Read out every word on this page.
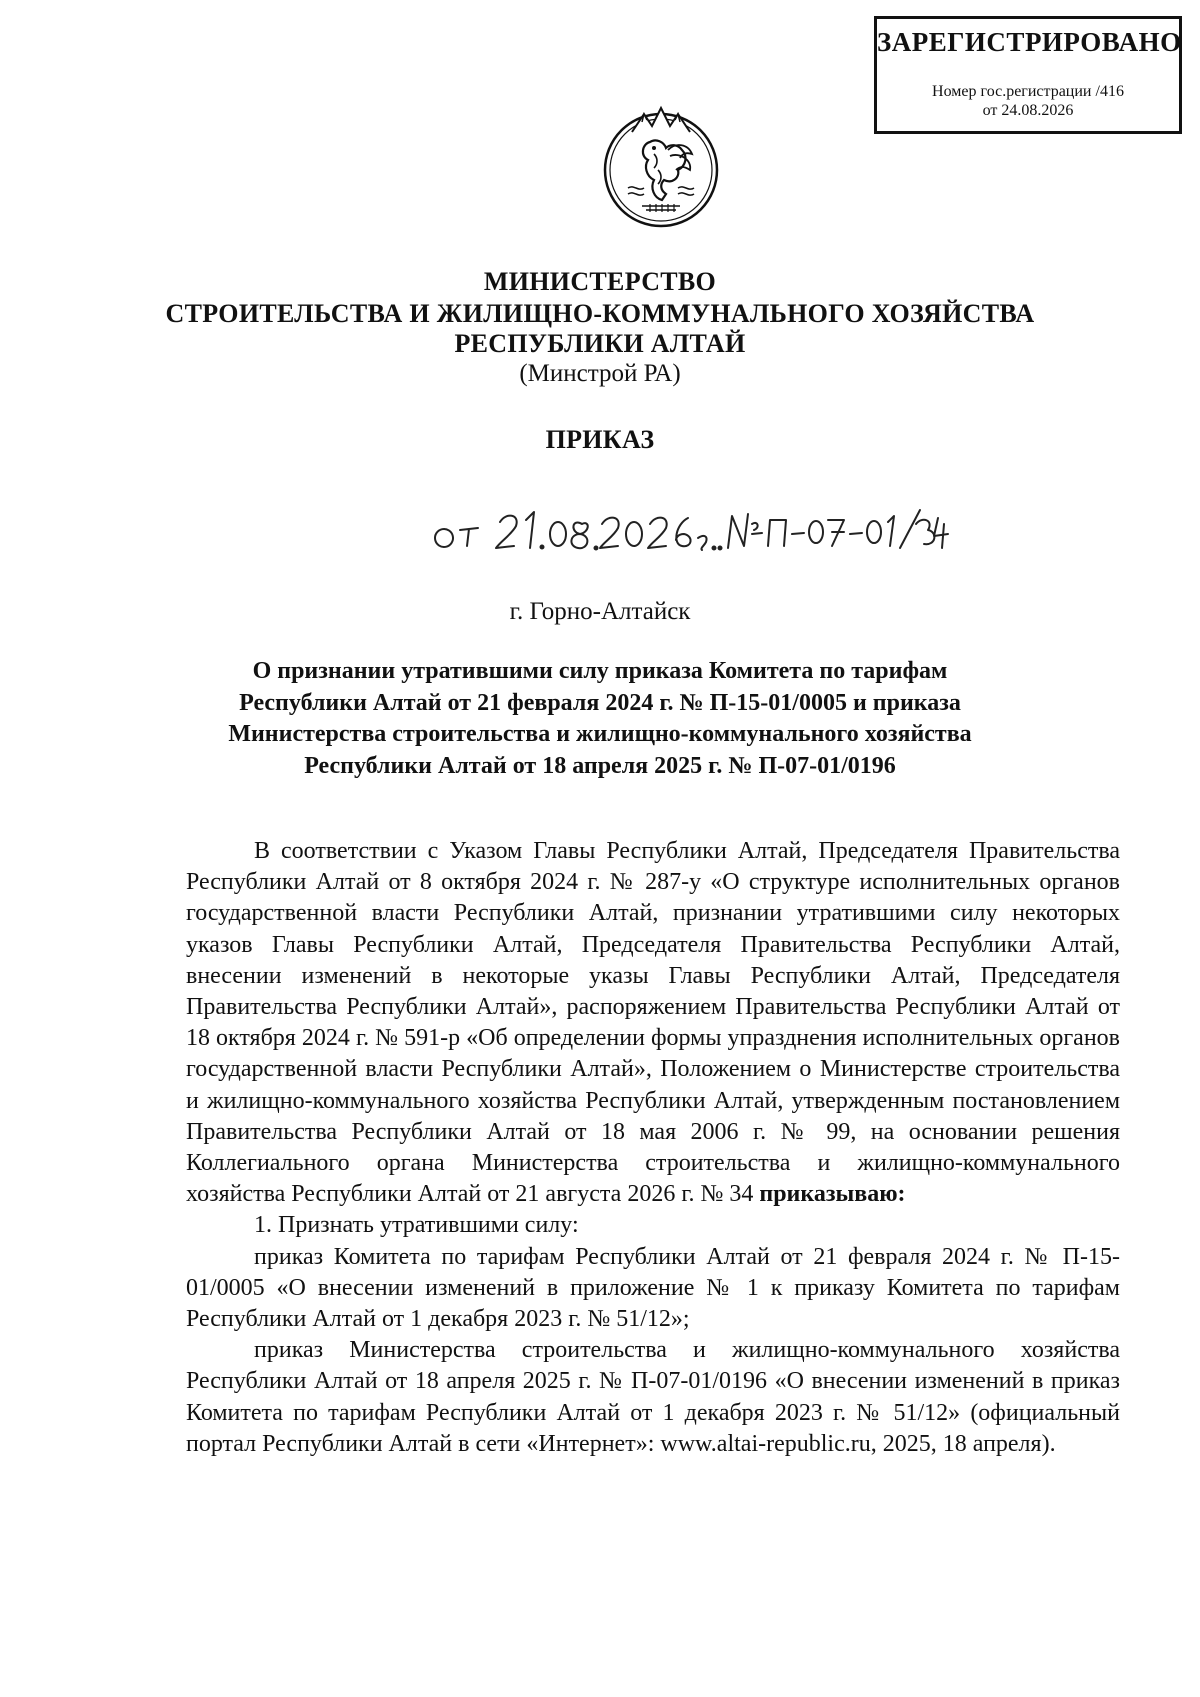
ЗАРЕГИСТРИРОВАНО
Номер гос.регистрации /416
от 24.08.2026
МИНИСТЕРСТВО
СТРОИТЕЛЬСТВА И ЖИЛИЩНО-КОММУНАЛЬНОГО ХОЗЯЙСТВА
РЕСПУБЛИКИ АЛТАЙ
(Минстрой РА)
ПРИКАЗ
г. Горно-Алтайск
О признании утратившими силу приказа Комитета по тарифам
Республики Алтай от 21 февраля 2024 г. № П-15-01/0005 и приказа
Министерства строительства и жилищно-коммунального хозяйства
Республики Алтай от 18 апреля 2025 г. № П-07-01/0196

В соответствии с Указом Главы Республики Алтай, Председателя Правительства Республики Алтай от 8 октября 2024 г. № 287-у «О структуре исполнительных органов государственной власти Республики Алтай, признании утратившими силу некоторых указов Главы Республики Алтай, Председателя Правительства Республики Алтай, внесении изменений в некоторые указы Главы Республики Алтай, Председателя Правительства Республики Алтай», распоряжением Правительства Республики Алтай от 18 октября 2024 г. № 591-р «Об определении формы упразднения исполнительных органов государственной власти Республики Алтай», Положением о Министерстве строительства и жилищно-коммунального хозяйства Республики Алтай, утвержденным постановлением Правительства Республики Алтай от 18 мая 2006 г. № 99, на основании решения Коллегиального органа Министерства строительства и жилищно-коммунального хозяйства Республики Алтай от 21 августа 2026 г. № 34 приказываю:

1. Признать утратившими силу:

приказ Комитета по тарифам Республики Алтай от 21 февраля 2024 г. № П-15-01/0005 «О внесении изменений в приложение № 1 к приказу Комитета по тарифам Республики Алтай от 1 декабря 2023 г. № 51/12»;

приказ Министерства строительства и жилищно-коммунального хозяйства Республики Алтай от 18 апреля 2025 г. № П-07-01/0196 «О внесении изменений в приказ Комитета по тарифам Республики Алтай от 1 декабря 2023 г. № 51/12» (официальный портал Республики Алтай в сети «Интернет»: www.altai-republic.ru, 2025, 18 апреля).
